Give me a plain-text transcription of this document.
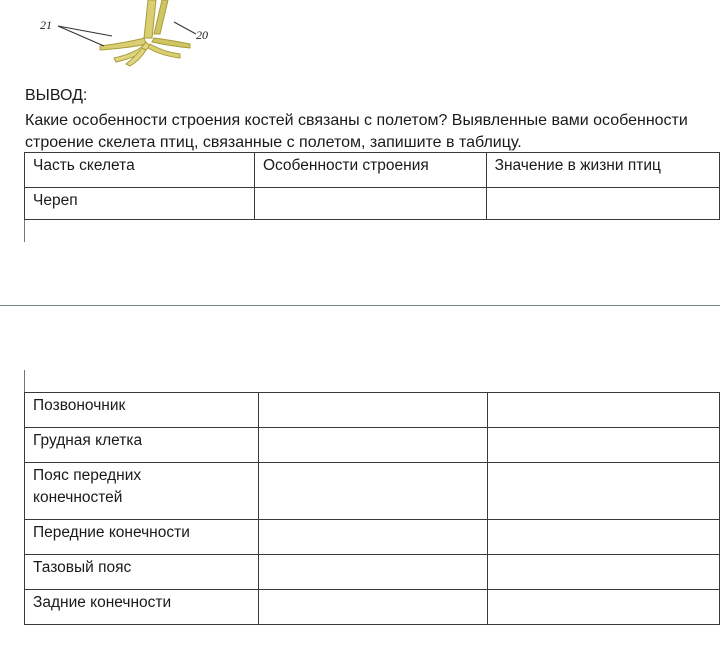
21
20
ВЫВОД:
Какие особенности строения костей связаны с полетом? Выявленные вами особенности
строение скелета птиц, связанные с полетом, запишите в таблицу.
Часть скелета	Особенности строения	Значение в жизни птиц
Череп		
Позвоночник		
Грудная клетка		
Пояс передних конечностей		
Передние конечности		
Тазовый пояс		
Задние конечности		
